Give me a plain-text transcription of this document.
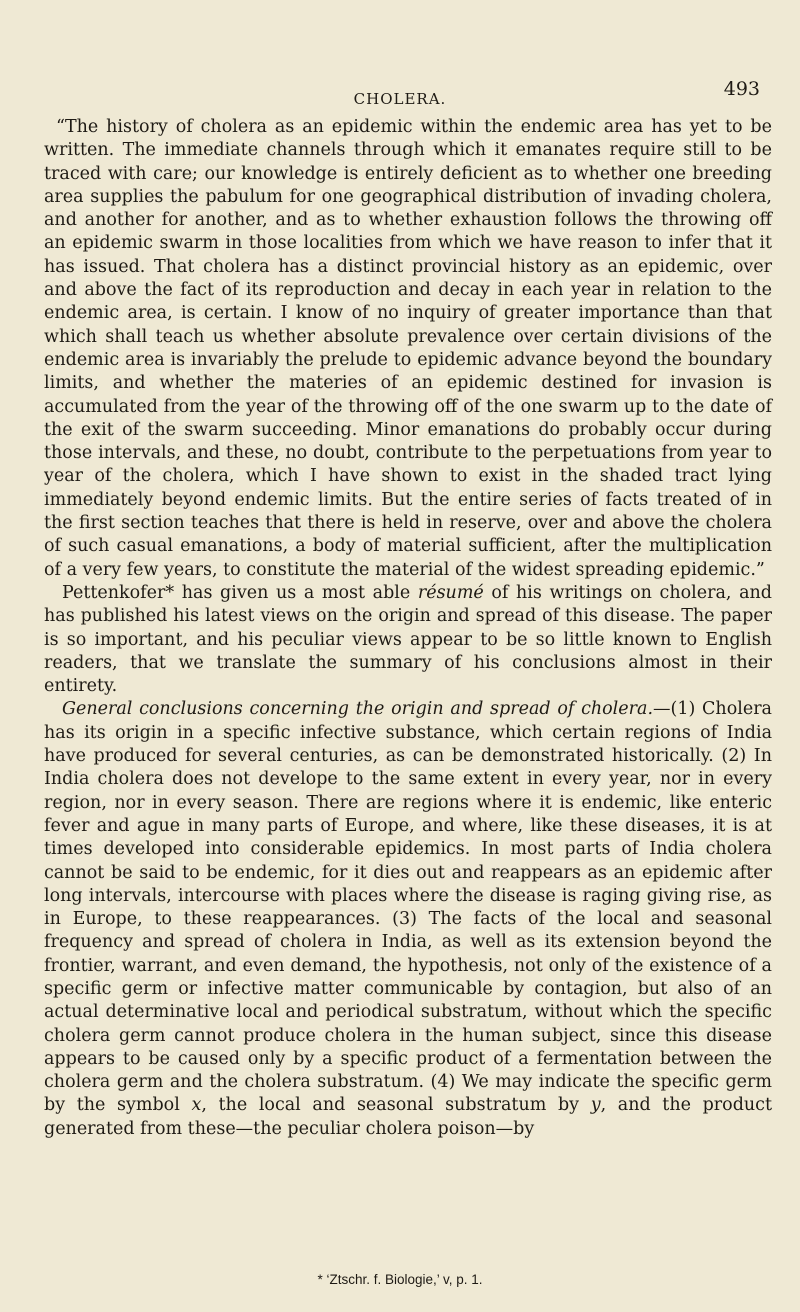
CHOLERA.	493

“The history of cholera as an epidemic within the endemic area has yet to be written. The immediate channels through which it emanates require still to be traced with care; our knowledge is entirely deficient as to whether one breeding area supplies the pabulum for one geographical distribution of invading cholera, and another for another, and as to whether exhaustion follows the throwing off an epidemic swarm in those localities from which we have reason to infer that it has issued. That cholera has a distinct provincial history as an epidemic, over and above the fact of its reproduction and decay in each year in relation to the endemic area, is certain. I know of no inquiry of greater importance than that which shall teach us whether absolute prevalence over certain divisions of the endemic area is invariably the prelude to epidemic advance beyond the boundary limits, and whether the materies of an epidemic destined for invasion is accumulated from the year of the throwing off of the one swarm up to the date of the exit of the swarm succeeding. Minor emanations do probably occur during those intervals, and these, no doubt, contribute to the perpetuations from year to year of the cholera, which I have shown to exist in the shaded tract lying immediately beyond endemic limits. But the entire series of facts treated of in the first section teaches that there is held in reserve, over and above the cholera of such casual emanations, a body of material sufficient, after the multiplication of a very few years, to constitute the material of the widest spreading epidemic.”

Pettenkofer* has given us a most able résumé of his writings on cholera, and has published his latest views on the origin and spread of this disease. The paper is so important, and his peculiar views appear to be so little known to English readers, that we translate the summary of his conclusions almost in their entirety.

General conclusions concerning the origin and spread of cholera.—(1) Cholera has its origin in a specific infective substance, which certain regions of India have produced for several centuries, as can be demonstrated historically. (2) In India cholera does not develope to the same extent in every year, nor in every region, nor in every season. There are regions where it is endemic, like enteric fever and ague in many parts of Europe, and where, like these diseases, it is at times developed into considerable epidemics. In most parts of India cholera cannot be said to be endemic, for it dies out and reappears as an epidemic after long intervals, intercourse with places where the disease is raging giving rise, as in Europe, to these reappearances. (3) The facts of the local and seasonal frequency and spread of cholera in India, as well as its extension beyond the frontier, warrant, and even demand, the hypothesis, not only of the existence of a specific germ or infective matter communicable by contagion, but also of an actual determinative local and periodical substratum, without which the specific cholera germ cannot produce cholera in the human subject, since this disease appears to be caused only by a specific product of a fermentation between the cholera germ and the cholera substratum. (4) We may indicate the specific germ by the symbol x, the local and seasonal substratum by y, and the product generated from these—the peculiar cholera poison—by

* ‘Ztschr. f. Biologie,’ v, p. 1.
